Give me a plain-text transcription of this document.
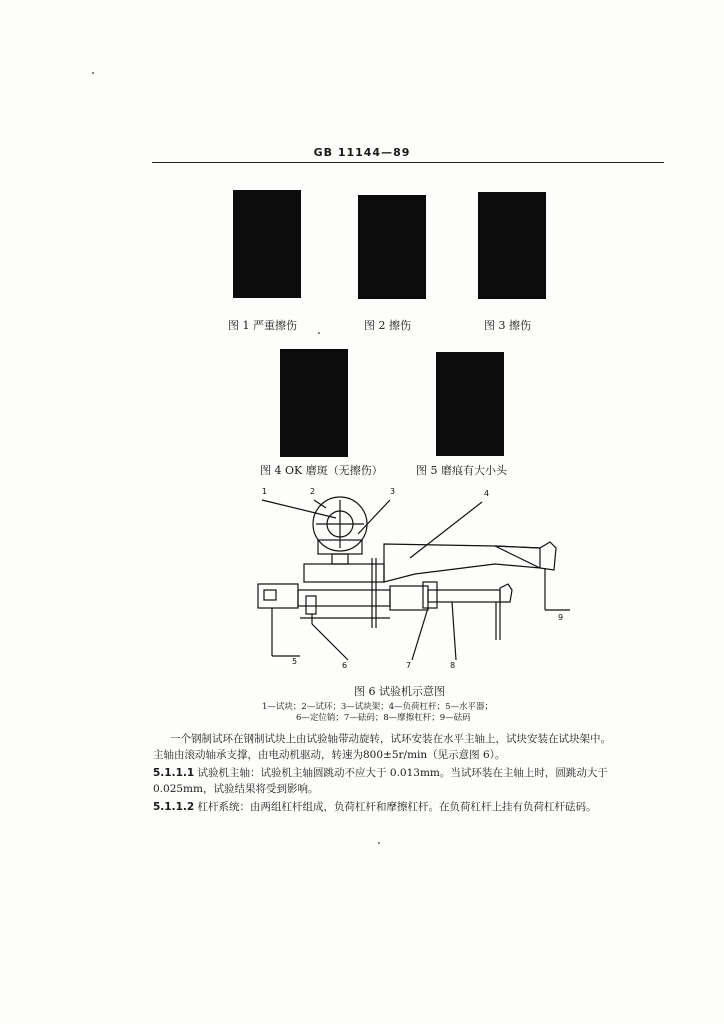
GB 11144—89
图 1 严重擦伤	图 2 擦伤	图 3 擦伤
图 4 OK 磨斑（无擦伤）	图 5 磨痕有大小头
1	2	3	4
5	6	7	8
9
图 6 试验机示意图
1—试块；2—试环；3—试块架；4—负荷杠杆；5—水平器；
6—定位销；7—砝码；8—摩擦杠杆；9—砝码
一个钢制试环在钢制试块上由试验轴带动旋转，试环安装在水平主轴上，试块安装在试块架中。
主轴由滚动轴承支撑，由电动机驱动，转速为800±5r/min（见示意图 6）。
5.1.1.1 试验机主轴：试验机主轴圆跳动不应大于 0.013mm。当试环装在主轴上时，圆跳动大于
0.025mm，试验结果将受到影响。
5.1.1.2 杠杆系统：由两组杠杆组成，负荷杠杆和摩擦杠杆。在负荷杠杆上挂有负荷杠杆砝码。
